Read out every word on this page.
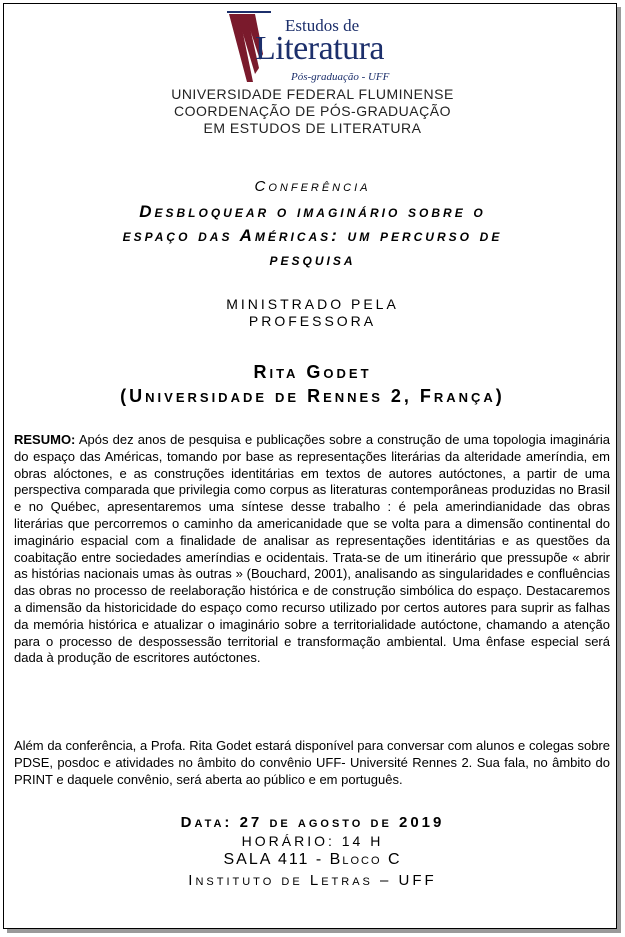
Estudos de
Literatura
Pós-graduação - UFF
UNIVERSIDADE FEDERAL FLUMINENSE
COORDENAÇÃO DE PÓS-GRADUAÇÃO
EM ESTUDOS DE LITERATURA
Conferência
Desbloquear o imaginário sobre o
espaço das Américas: um percurso de
pesquisa
MINISTRADO PELA
PROFESSORA
Rita Godet
(Universidade de Rennes 2, França)
RESUMO: Após dez anos de pesquisa e publicações sobre a construção de uma topologia imaginária do espaço das Américas, tomando por base as representações literárias da alteridade ameríndia, em obras alóctones, e as construções identitárias em textos de autores autóctones, a partir de uma perspectiva comparada que privilegia como corpus as literaturas contemporâneas produzidas no Brasil e no Québec, apresentaremos uma síntese desse trabalho : é pela amerindianidade das obras literárias que percorremos o caminho da americanidade que se volta para a dimensão continental do imaginário espacial com a finalidade de analisar as representações identitárias e as questões da coabitação entre sociedades ameríndias e ocidentais. Trata-se de um itinerário que pressupõe « abrir as histórias nacionais umas às outras » (Bouchard, 2001), analisando as singularidades e confluências das obras no processo de reelaboração histórica e de construção simbólica do espaço. Destacaremos a dimensão da historicidade do espaço como recurso utilizado por certos autores para suprir as falhas da memória histórica e atualizar o imaginário sobre a territorialidade autóctone, chamando a atenção para o processo de despossessão territorial e transformação ambiental. Uma ênfase especial será dada à produção de escritores autóctones.
Além da conferência, a Profa. Rita Godet estará disponível para conversar com alunos e colegas sobre PDSE, posdoc e atividades no âmbito do convênio UFF- Université Rennes 2. Sua fala, no âmbito do PRINT e daquele convênio, será aberta ao público e em português.
Data: 27 de agosto de 2019
HORÁRIO: 14 H
SALA 411 - Bloco C
Instituto de Letras – UFF
